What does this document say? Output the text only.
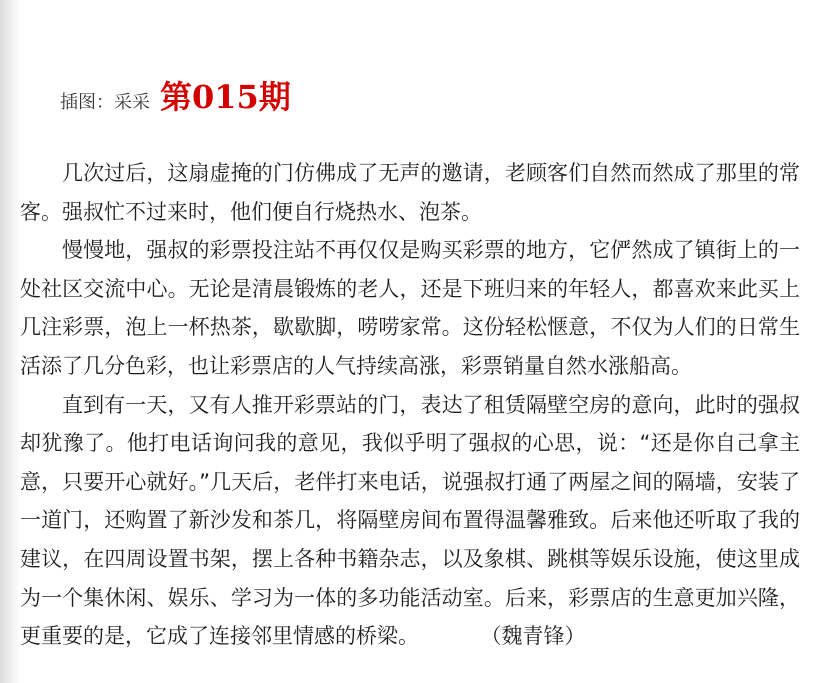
插图：采采 第015期

几次过后，这扇虚掩的门仿佛成了无声的邀请，老顾客们自然而然成了那里的常客。强叔忙不过来时，他们便自行烧热水、泡茶。

慢慢地，强叔的彩票投注站不再仅仅是购买彩票的地方，它俨然成了镇街上的一处社区交流中心。无论是清晨锻炼的老人，还是下班归来的年轻人，都喜欢来此买上几注彩票，泡上一杯热茶，歇歇脚，唠唠家常。这份轻松惬意，不仅为人们的日常生活添了几分色彩，也让彩票店的人气持续高涨，彩票销量自然水涨船高。

直到有一天，又有人推开彩票站的门，表达了租赁隔壁空房的意向，此时的强叔却犹豫了。他打电话询问我的意见，我似乎明了强叔的心思，说：“还是你自己拿主意，只要开心就好。”几天后，老伴打来电话，说强叔打通了两屋之间的隔墙，安装了一道门，还购置了新沙发和茶几，将隔壁房间布置得温馨雅致。后来他还听取了我的建议，在四周设置书架，摆上各种书籍杂志，以及象棋、跳棋等娱乐设施，使这里成为一个集休闲、娱乐、学习为一体的多功能活动室。后来，彩票店的生意更加兴隆，更重要的是，它成了连接邻里情感的桥梁。	（魏青锋）
